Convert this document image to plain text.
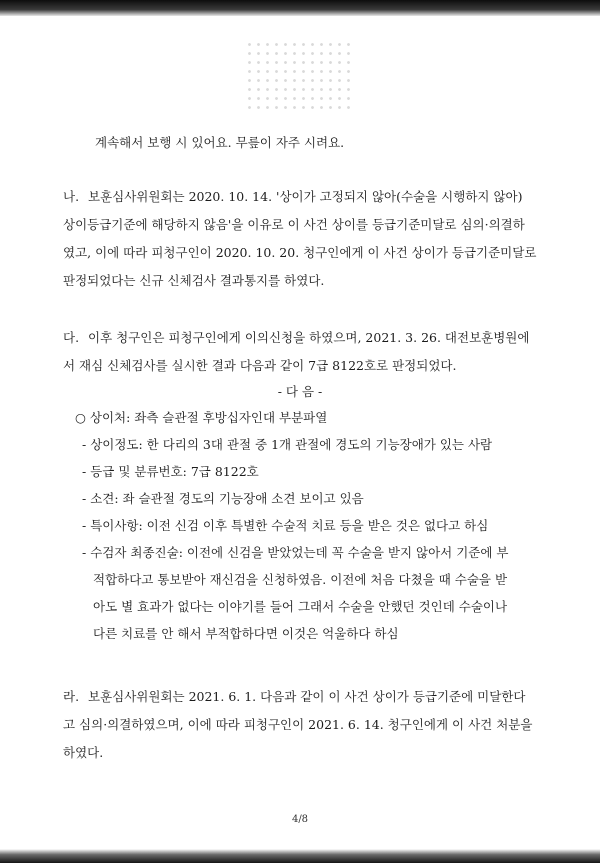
계속해서 보행 시 있어요. 무릎이 자주 시려요.
나. 보훈심사위원회는 2020. 10. 14. '상이가 고정되지 않아(수술을 시행하지 않아)
상이등급기준에 해당하지 않음'을 이유로 이 사건 상이를 등급기준미달로 심의·의결하
였고, 이에 따라 피청구인이 2020. 10. 20. 청구인에게 이 사건 상이가 등급기준미달로
판정되었다는 신규 신체검사 결과통지를 하였다.
다. 이후 청구인은 피청구인에게 이의신청을 하였으며, 2021. 3. 26. 대전보훈병원에
서 재심 신체검사를 실시한 결과 다음과 같이 7급 8122호로 판정되었다.
- 다 음 -
○ 상이처: 좌측 슬관절 후방십자인대 부분파열
- 상이정도: 한 다리의 3대 관절 중 1개 관절에 경도의 기능장애가 있는 사람
- 등급 및 분류번호: 7급 8122호
- 소견: 좌 슬관절 경도의 기능장애 소견 보이고 있음
- 특이사항: 이전 신검 이후 특별한 수술적 치료 등을 받은 것은 없다고 하심
- 수검자 최종진술: 이전에 신검을 받았었는데 꼭 수술을 받지 않아서 기준에 부
적합하다고 통보받아 재신검을 신청하였음. 이전에 처음 다쳤을 때 수술을 받
아도 별 효과가 없다는 이야기를 들어 그래서 수술을 안했던 것인데 수술이나
다른 치료를 안 해서 부적합하다면 이것은 억울하다 하심
라. 보훈심사위원회는 2021. 6. 1. 다음과 같이 이 사건 상이가 등급기준에 미달한다
고 심의·의결하였으며, 이에 따라 피청구인이 2021. 6. 14. 청구인에게 이 사건 처분을
하였다.
4/8
